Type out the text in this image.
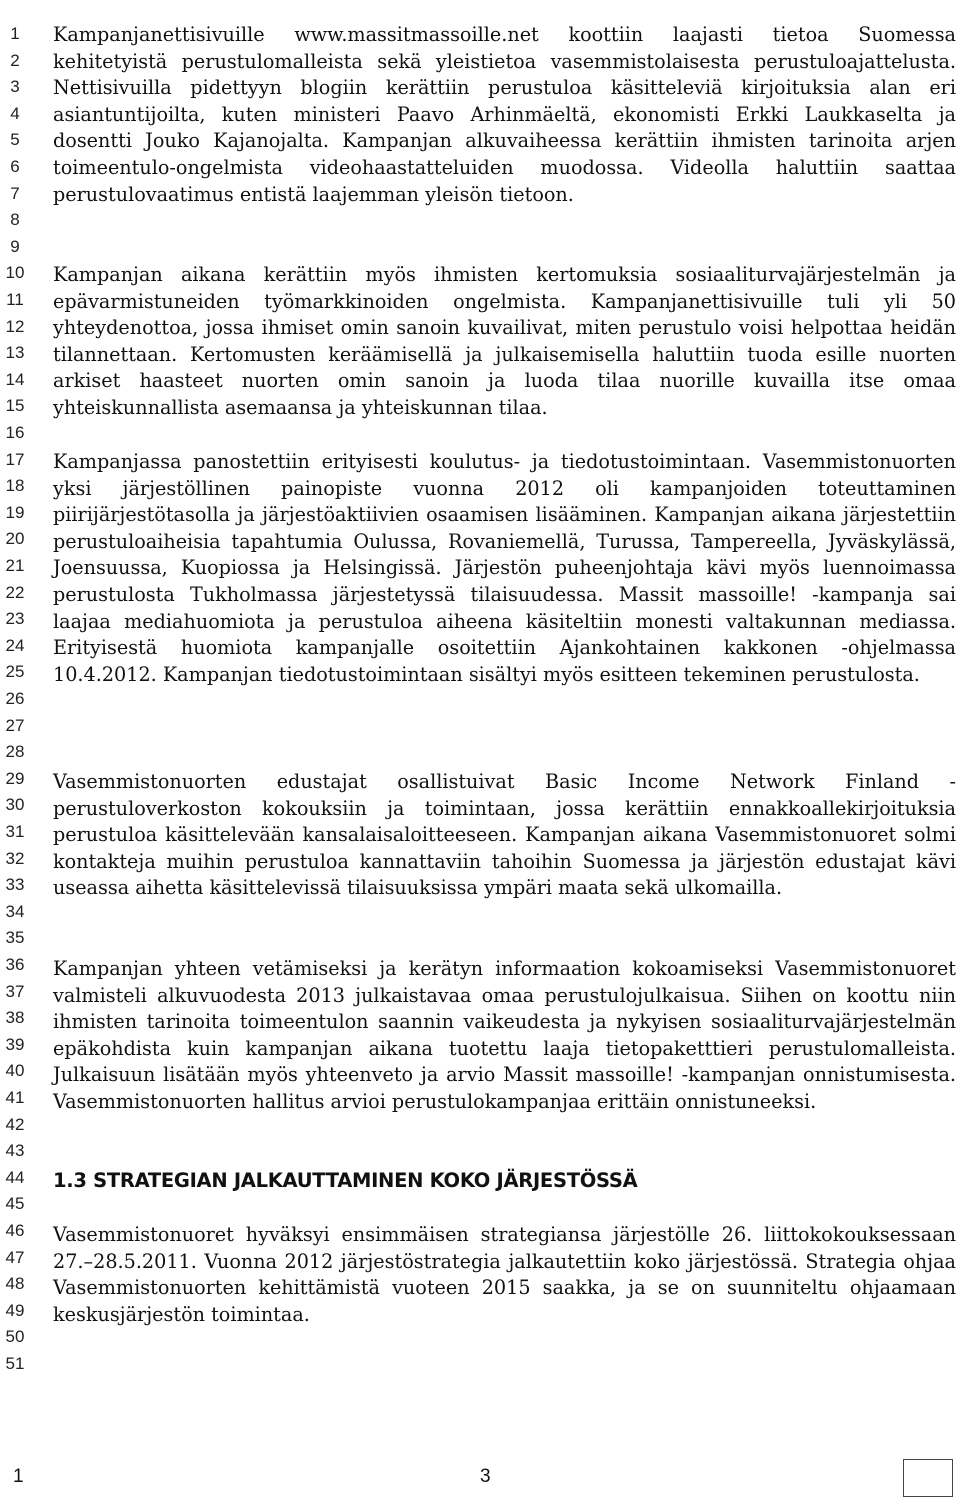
1
2
3
4
5
6
7
8
9
10
11
12
13
14
15
16
17
18
19
20
21
22
23
24
25
26
27
28
29
30
31
32
33
34
35
36
37
38
39
40
41
42
43
44
45
46
47
48
49
50
51

Kampanjanettisivuille www.massitmassoille.net koottiin laajasti tietoa Suomessa kehitetyistä perustulomalleista sekä yleistietoa vasemmistolaisesta perustuloajattelusta. Nettisivuilla pidettyyn blogiin kerättiin perustuloa käsitteleviä kirjoituksia alan eri asiantuntijoilta, kuten ministeri Paavo Arhinmäeltä, ekonomisti Erkki Laukkaselta ja dosentti Jouko Kajanojalta. Kampanjan alkuvaiheessa kerättiin ihmisten tarinoita arjen toimeentulo-ongelmista videohaastatteluiden muodossa. Videolla haluttiin saattaa perustulovaatimus entistä laajemman yleisön tietoon.

Kampanjan aikana kerättiin myös ihmisten kertomuksia sosiaaliturvajärjestelmän ja epävarmistuneiden työmarkkinoiden ongelmista. Kampanjanettisivuille tuli yli 50 yhteydenottoa, jossa ihmiset omin sanoin kuvailivat, miten perustulo voisi helpottaa heidän tilannettaan. Kertomusten keräämisellä ja julkaisemisella haluttiin tuoda esille nuorten arkiset haasteet nuorten omin sanoin ja luoda tilaa nuorille kuvailla itse omaa yhteiskunnallista asemaansa ja yhteiskunnan tilaa.

Kampanjassa panostettiin erityisesti koulutus- ja tiedotustoimintaan. Vasemmistonuorten yksi järjestöllinen painopiste vuonna 2012 oli kampanjoiden toteuttaminen piirijärjestötasolla ja järjestöaktiivien osaamisen lisääminen. Kampanjan aikana järjestettiin perustuloaiheisia tapahtumia Oulussa, Rovaniemellä, Turussa, Tampereella, Jyväskylässä, Joensuussa, Kuopiossa ja Helsingissä. Järjestön puheenjohtaja kävi myös luennoimassa perustulosta Tukholmassa järjestetyssä tilaisuudessa. Massit massoille! -kampanja sai laajaa mediahuomiota ja perustuloa aiheena käsiteltiin monesti valtakunnan mediassa. Erityisestä huomiota kampanjalle osoitettiin Ajankohtainen kakkonen -ohjelmassa 10.4.2012. Kampanjan tiedotustoimintaan sisältyi myös esitteen tekeminen perustulosta.

Vasemmistonuorten edustajat osallistuivat Basic Income Network Finland -perustuloverkoston kokouksiin ja toimintaan, jossa kerättiin ennakkoallekirjoituksia perustuloa käsittelevään kansalaisaloitteeseen. Kampanjan aikana Vasemmistonuoret solmi kontakteja muihin perustuloa kannattaviin tahoihin Suomessa ja järjestön edustajat kävi useassa aihetta käsittelevissä tilaisuuksissa ympäri maata sekä ulkomailla.

Kampanjan yhteen vetämiseksi ja kerätyn informaation kokoamiseksi Vasemmistonuoret valmisteli alkuvuodesta 2013 julkaistavaa omaa perustulojulkaisua. Siihen on koottu niin ihmisten tarinoita toimeentulon saannin vaikeudesta ja nykyisen sosiaaliturvajärjestelmän epäkohdista kuin kampanjan aikana tuotettu laaja tietopaketttieri perustulomalleista. Julkaisuun lisätään myös yhteenveto ja arvio Massit massoille! -kampanjan onnistumisesta. Vasemmistonuorten hallitus arvioi perustulokampanjaa erittäin onnistuneeksi.

1.3 STRATEGIAN JALKAUTTAMINEN KOKO JÄRJESTÖSSÄ

Vasemmistonuoret hyväksyi ensimmäisen strategiansa järjestölle 26. liittokokouksessaan 27.–28.5.2011. Vuonna 2012 järjestöstrategia jalkautettiin koko järjestössä. Strategia ohjaa Vasemmistonuorten kehittämistä vuoteen 2015 saakka, ja se on suunniteltu ohjaamaan keskusjärjestön toimintaa.

1	3
